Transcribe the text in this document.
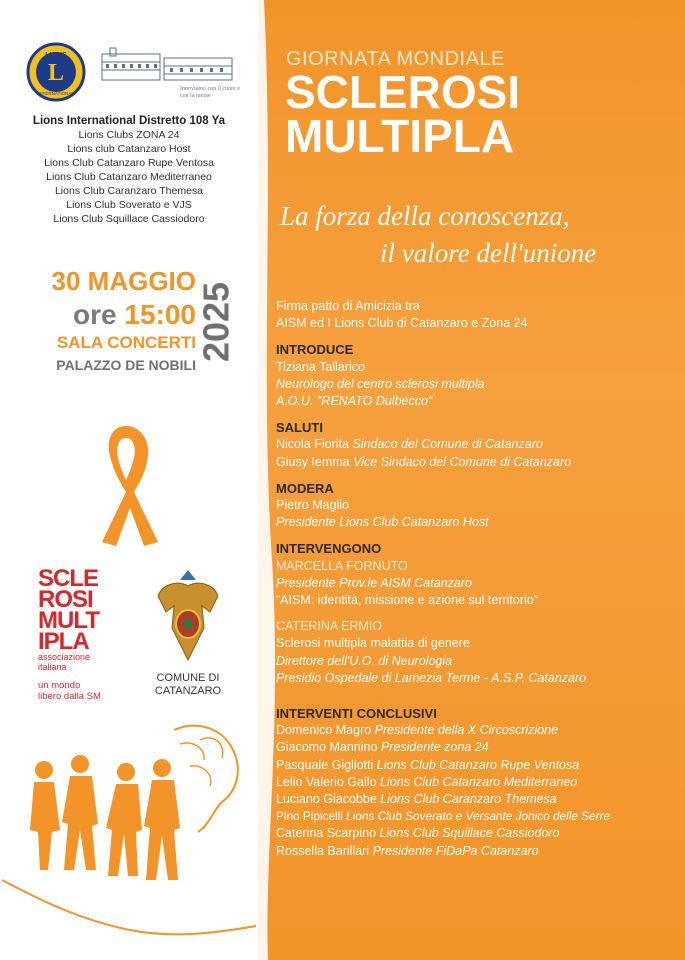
LIONS
INTERNATIONAL
L
Innoviamo con il cuore e con la mente
Lions International Distretto 108 Ya
Lions Clubs ZONA 24
Lions club Catanzaro Host
Lions Club Catanzaro Rupe Ventosa
Lions Club Catanzaro Mediterraneo
Lions Club Caranzaro Themesa
Lions Club Soverato e VJS
Lions Club Squillace Cassiodoro
30 MAGGIO
ore 15:00
SALA CONCERTI
PALAZZO DE NOBILI
2025
SCLE
ROSI
MULT
IPLA
associazione
italiana
un mondo
libero dalla SM
COMUNE DI
CATANZARO
GIORNATA MONDIALE
SCLEROSI
MULTIPLA
La forza della conoscenza,
il valore dell'unione
Firma patto di Amicizia tra
AISM ed I Lions Club di Catanzaro e Zona 24
INTRODUCE
Tiziana Tallarico
Neurologo del centro sclerosi multipla
A.O.U. "RENATO Dulbecco"
SALUTI
Nicola Fiorita Sindaco del Comune di Catanzaro
Giusy Iemma Vice Sindaco del Comune di Catanzaro
MODERA
Pietro Maglio
Presidente Lions Club Catanzaro Host
INTERVENGONO
MARCELLA FORNUTO
Presidente Prov.le AISM Catanzaro
“AISM: identità, missione e azione sul territorio”
CATERINA ERMIO
Sclerosi multipla malattia di genere
Direttore dell'U.O. di Neurologia
Presidio Ospedale di Lamezia Terme - A.S.P. Catanzaro
INTERVENTI CONCLUSIVI
Domenico Magro Presidente della X Circoscrizione
Giacomo Mannino Presidente zona 24
Pasquale Gigliotti Lions Club Catanzaro Rupe Ventosa
Lelio Valerio Gallo Lions Club Catanzaro Mediterraneo
Luciano Giacobbe Lions Club Caranzaro Themesa
Pino Pipicelli Lions Club Soverato e Versante Jonico delle Serre
Caterina Scarpino Lions Club Squillace Cassiodoro
Rossella Barillari Presidente FiDaPa Catanzaro
